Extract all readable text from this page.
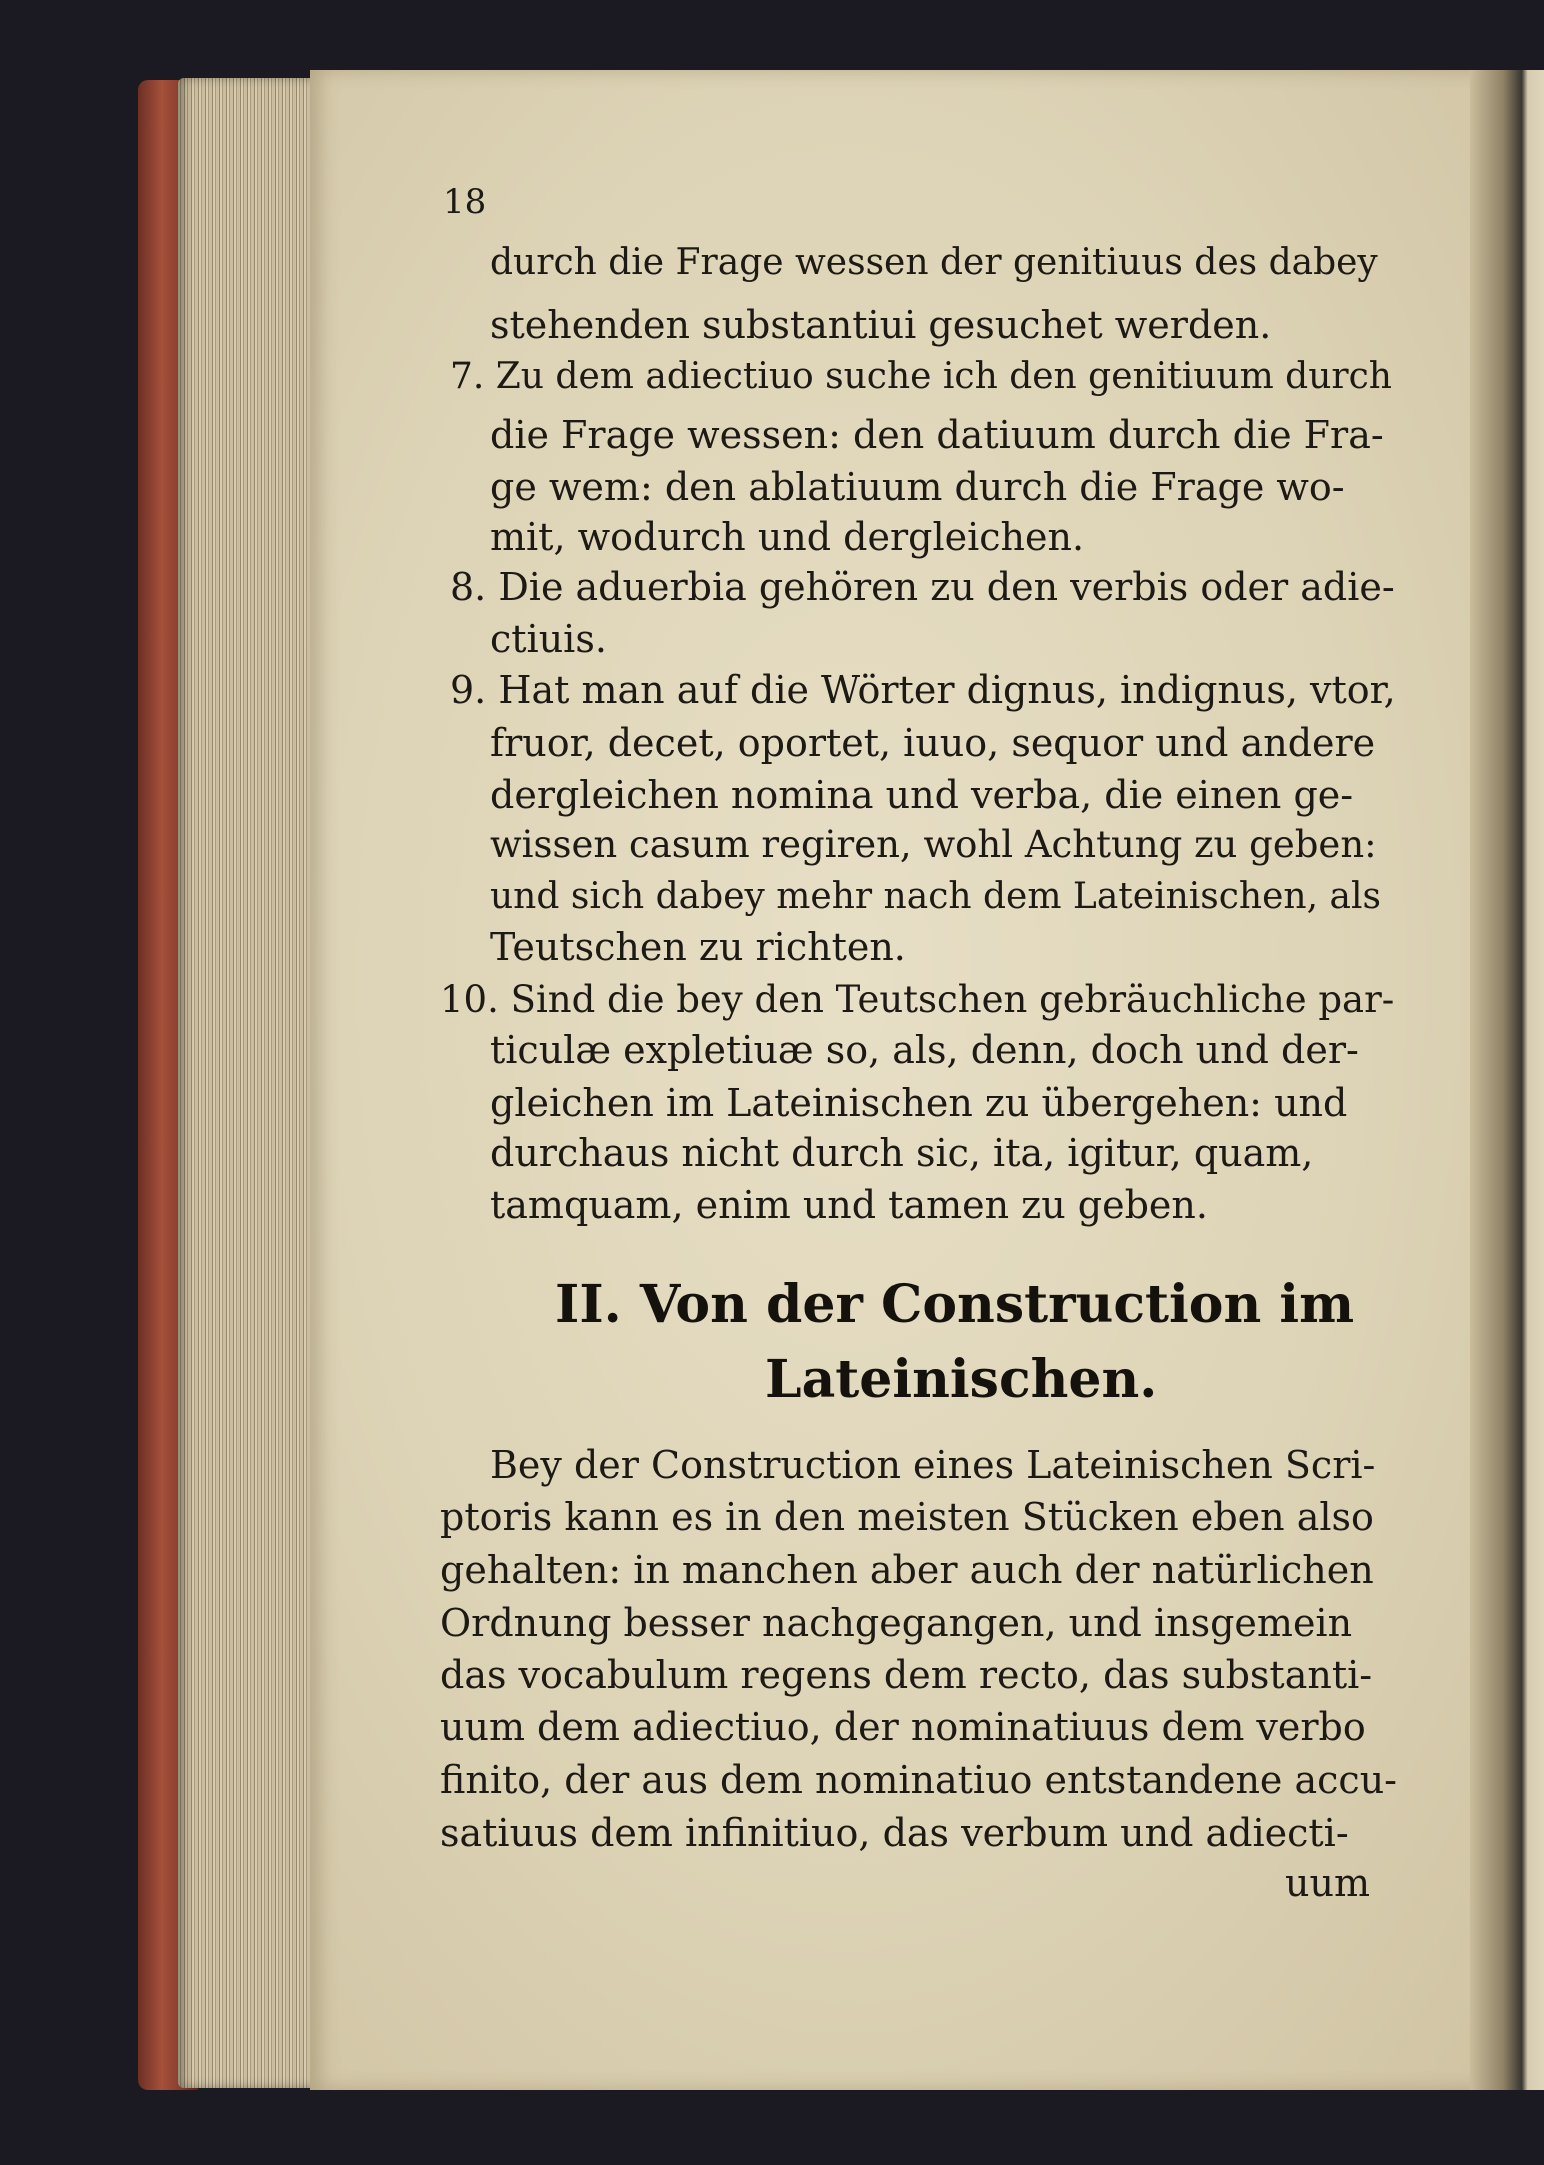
18

durch die Frage wessen der genitiuus des dabey

stehenden substantiui gesuchet werden.

7. Zu dem adiectiuo suche ich den genitiuum durch

die Frage wessen: den datiuum durch die Fra-

ge wem: den ablatiuum durch die Frage wo-

mit, wodurch und dergleichen.

8. Die aduerbia gehören zu den verbis oder adie-

ctiuis.

9. Hat man auf die Wörter dignus, indignus, vtor,

fruor, decet, oportet, iuuo, sequor und andere

dergleichen nomina und verba, die einen ge-

wissen casum regiren, wohl Achtung zu geben:

und sich dabey mehr nach dem Lateinischen, als

Teutschen zu richten.

10. Sind die bey den Teutschen gebräuchliche par-

ticulæ expletiuæ so, als, denn, doch und der-

gleichen im Lateinischen zu übergehen: und

durchaus nicht durch sic, ita, igitur, quam,

tamquam, enim und tamen zu geben.

II. Von der Construction im
Lateinischen.

Bey der Construction eines Lateinischen Scri-

ptoris kann es in den meisten Stücken eben also

gehalten: in manchen aber auch der natürlichen

Ordnung besser nachgegangen, und insgemein

das vocabulum regens dem recto, das substanti-

uum dem adiectiuo, der nominatiuus dem verbo

finito, der aus dem nominatiuo entstandene accu-

satiuus dem infinitiuo, das verbum und adiecti-

uum
